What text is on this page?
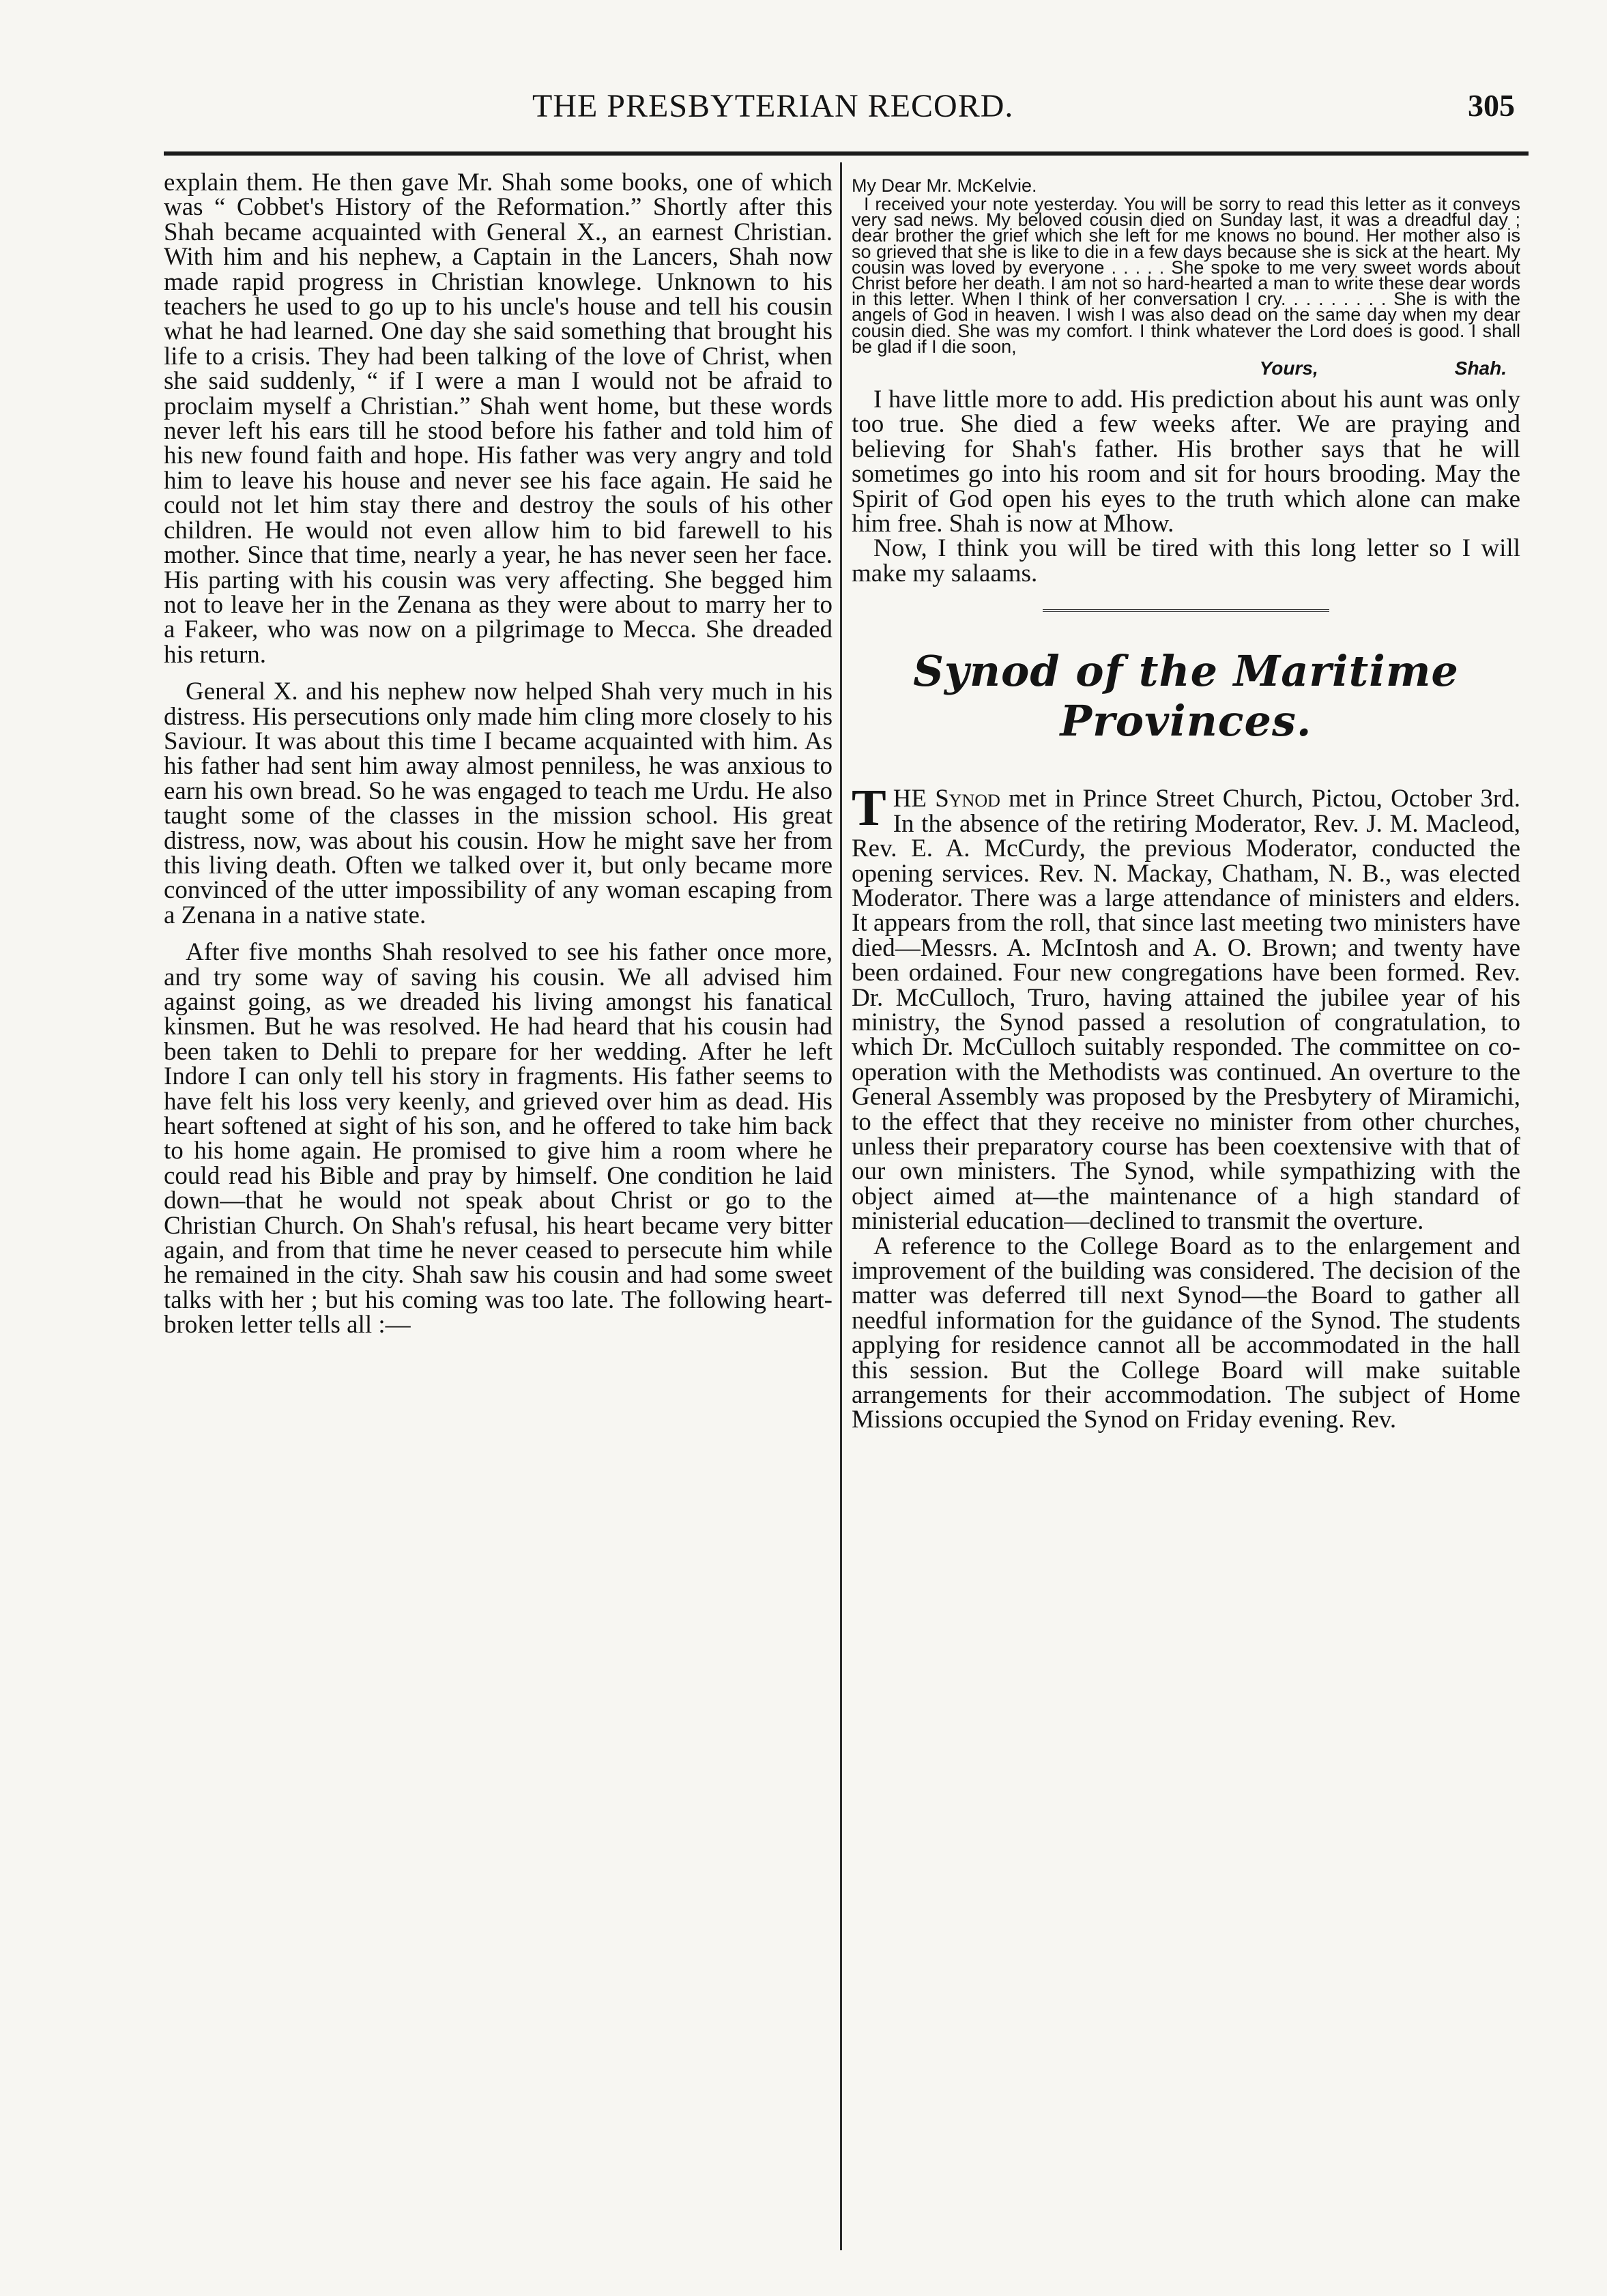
THE PRESBYTERIAN RECORD.	305

explain them. He then gave Mr. Shah some books, one of which was “ Cobbet's History of the Reformation.” Shortly after this Shah became acquainted with General X., an earnest Christian. With him and his nephew, a Captain in the Lancers, Shah now made rapid progress in Christian knowlege. Unknown to his teachers he used to go up to his uncle's house and tell his cousin what he had learned. One day she said something that brought his life to a crisis. They had been talking of the love of Christ, when she said suddenly, “ if I were a man I would not be afraid to proclaim myself a Christian.” Shah went home, but these words never left his ears till he stood before his father and told him of his new found faith and hope. His father was very angry and told him to leave his house and never see his face again. He said he could not let him stay there and destroy the souls of his other children. He would not even allow him to bid farewell to his mother. Since that time, nearly a year, he has never seen her face. His parting with his cousin was very affecting. She begged him not to leave her in the Zenana as they were about to marry her to a Fakeer, who was now on a pilgrimage to Mecca. She dreaded his return.

General X. and his nephew now helped Shah very much in his distress. His persecutions only made him cling more closely to his Saviour. It was about this time I became acquainted with him. As his father had sent him away almost penniless, he was anxious to earn his own bread. So he was engaged to teach me Urdu. He also taught some of the classes in the mission school. His great distress, now, was about his cousin. How he might save her from this living death. Often we talked over it, but only became more convinced of the utter impossibility of any woman escaping from a Zenana in a native state.

After five months Shah resolved to see his father once more, and try some way of saving his cousin. We all advised him against going, as we dreaded his living amongst his fanatical kinsmen. But he was resolved. He had heard that his cousin had been taken to Dehli to prepare for her wedding. After he left Indore I can only tell his story in fragments. His father seems to have felt his loss very keenly, and grieved over him as dead. His heart softened at sight of his son, and he offered to take him back to his home again. He promised to give him a room where he could read his Bible and pray by himself. One condition he laid down—that he would not speak about Christ or go to the Christian Church. On Shah's refusal, his heart became very bitter again, and from that time he never ceased to persecute him while he remained in the city. Shah saw his cousin and had some sweet talks with her ; but his coming was too late. The following heart-broken letter tells all :—

My Dear Mr. McKelvie.

I received your note yesterday. You will be sorry to read this letter as it conveys very sad news. My beloved cousin died on Sunday last, it was a dreadful day ; dear brother the grief which she left for me knows no bound. Her mother also is so grieved that she is like to die in a few days because she is sick at the heart. My cousin was loved by everyone . . . . . She spoke to me very sweet words about Christ before her death. I am not so hard-hearted a man to write these dear words in this letter. When I think of her conversation I cry. . . . . . . . . She is with the angels of God in heaven. I wish I was also dead on the same day when my dear cousin died. She was my comfort. I think whatever the Lord does is good. I shall be glad if I die soon,

Yours,	Shah.

I have little more to add. His prediction about his aunt was only too true. She died a few weeks after. We are praying and believing for Shah's father. His brother says that he will sometimes go into his room and sit for hours brooding. May the Spirit of God open his eyes to the truth which alone can make him free. Shah is now at Mhow.

Now, I think you will be tired with this long letter so I will make my salaams.

Synod of the Maritime Provinces.

THE Synod met in Prince Street Church, Pictou, October 3rd. In the absence of the retiring Moderator, Rev. J. M. Macleod, Rev. E. A. McCurdy, the previous Moderator, conducted the opening services. Rev. N. Mackay, Chatham, N. B., was elected Moderator. There was a large attendance of ministers and elders. It appears from the roll, that since last meeting two ministers have died—Messrs. A. McIntosh and A. O. Brown; and twenty have been ordained. Four new congregations have been formed. Rev. Dr. McCulloch, Truro, having attained the jubilee year of his ministry, the Synod passed a resolution of congratulation, to which Dr. McCulloch suitably responded. The committee on co-operation with the Methodists was continued. An overture to the General Assembly was proposed by the Presbytery of Miramichi, to the effect that they receive no minister from other churches, unless their preparatory course has been coextensive with that of our own ministers. The Synod, while sympathizing with the object aimed at—the maintenance of a high standard of ministerial education—declined to transmit the overture.

A reference to the College Board as to the enlargement and improvement of the building was considered. The decision of the matter was deferred till next Synod—the Board to gather all needful information for the guidance of the Synod. The students applying for residence cannot all be accommodated in the hall this session. But the College Board will make suitable arrangements for their accommodation. The subject of Home Missions occupied the Synod on Friday evening. Rev.
